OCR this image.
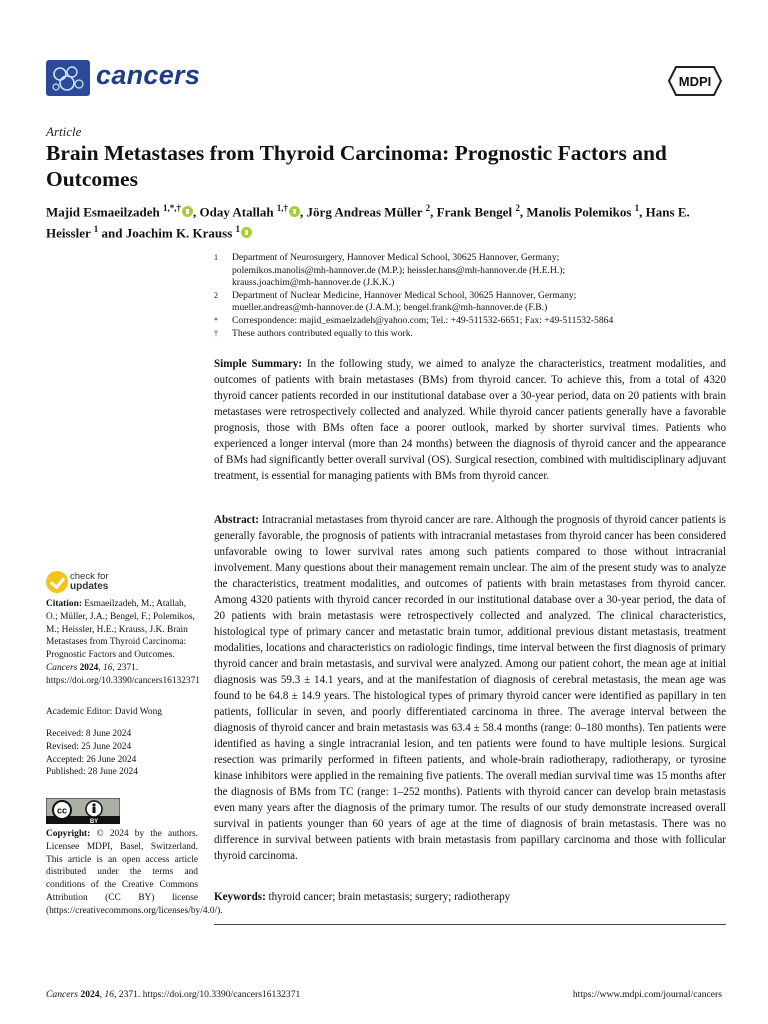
cancers	MDPI
Article
Brain Metastases from Thyroid Carcinoma: Prognostic Factors and Outcomes
Majid Esmaeilzadeh $^{1,*,\dagger}$ , Oday Atallah $^{1,\dagger}$ , Jörg Andreas Müller $^2$, Frank Bengel $^2$, Manolis Polemikos $^1$, Hans E. Heissler $^1$ and Joachim K. Krauss $^1$
1	Department of Neurosurgery, Hannover Medical School, 30625 Hannover, Germany;
polemikos.manolis@mh-hannover.de (M.P.); heissler.hans@mh-hannover.de (H.E.H.);
krauss.joachim@mh-hannover.de (J.K.K.)
2	Department of Nuclear Medicine, Hannover Medical School, 30625 Hannover, Germany;
mueller.andreas@mh-hannover.de (J.A.M.); bengel.frank@mh-hannover.de (F.B.)
*	Correspondence: majid_esmaelzadeh@yahoo.com; Tel.: +49-511532-6651; Fax: +49-511532-5864
†	These authors contributed equally to this work.
Simple Summary: In the following study, we aimed to analyze the characteristics, treatment modalities, and outcomes of patients with brain metastases (BMs) from thyroid cancer. To achieve this, from a total of 4320 thyroid cancer patients recorded in our institutional database over a 30-year period, data on 20 patients with brain metastases were retrospectively collected and analyzed. While thyroid cancer patients generally have a favorable prognosis, those with BMs often face a poorer outlook, marked by shorter survival times. Patients who experienced a longer interval (more than 24 months) between the diagnosis of thyroid cancer and the appearance of BMs had significantly better overall survival (OS). Surgical resection, combined with multidisciplinary adjuvant treatment, is essential for managing patients with BMs from thyroid cancer.
Abstract: Intracranial metastases from thyroid cancer are rare. Although the prognosis of thyroid cancer patients is generally favorable, the prognosis of patients with intracranial metastases from thyroid cancer has been considered unfavorable owing to lower survival rates among such patients compared to those without intracranial involvement. Many questions about their management remain unclear. The aim of the present study was to analyze the characteristics, treatment modalities, and outcomes of patients with brain metastases from thyroid cancer. Among 4320 patients with thyroid cancer recorded in our institutional database over a 30-year period, the data of 20 patients with brain metastasis were retrospectively collected and analyzed. The clinical characteristics, histological type of primary cancer and metastatic brain tumor, additional previous distant metastasis, treatment modalities, locations and characteristics on radiologic findings, time interval between the first diagnosis of primary thyroid cancer and brain metastasis, and survival were analyzed. Among our patient cohort, the mean age at initial diagnosis was 59.3 ± 14.1 years, and at the manifestation of diagnosis of cerebral metastasis, the mean age was found to be 64.8 ± 14.9 years. The histological types of primary thyroid cancer were identified as papillary in ten patients, follicular in seven, and poorly differentiated carcinoma in three. The average interval between the diagnosis of thyroid cancer and brain metastasis was 63.4 ± 58.4 months (range: 0–180 months). Ten patients were identified as having a single intracranial lesion, and ten patients were found to have multiple lesions. Surgical resection was primarily performed in fifteen patients, and whole-brain radiotherapy, radiotherapy, or tyrosine kinase inhibitors were applied in the remaining five patients. The overall median survival time was 15 months after the diagnosis of BMs from TC (range: 1–252 months). Patients with thyroid cancer can develop brain metastasis even many years after the diagnosis of the primary tumor. The results of our study demonstrate increased overall survival in patients younger than 60 years of age at the time of diagnosis of brain metastasis. There was no difference in survival between patients with brain metastasis from papillary carcinoma and those with follicular thyroid carcinoma.
Keywords: thyroid cancer; brain metastasis; surgery; radiotherapy
check for
updates
Citation: Esmaeilzadeh, M.; Atallah, O.; Müller, J.A.; Bengel, F.; Polemikos, M.; Heissler, H.E.; Krauss, J.K. Brain Metastases from Thyroid Carcinoma: Prognostic Factors and Outcomes. Cancers 2024, 16, 2371. https://doi.org/10.3390/cancers16132371
Academic Editor: David Wong
Received: 8 June 2024
Revised: 25 June 2024
Accepted: 26 June 2024
Published: 28 June 2024
cc
BY
Copyright: © 2024 by the authors. Licensee MDPI, Basel, Switzerland. This article is an open access article distributed under the terms and conditions of the Creative Commons Attribution (CC BY) license (https://creativecommons.org/licenses/by/4.0/).
Cancers 2024, 16, 2371. https://doi.org/10.3390/cancers16132371	https://www.mdpi.com/journal/cancers
